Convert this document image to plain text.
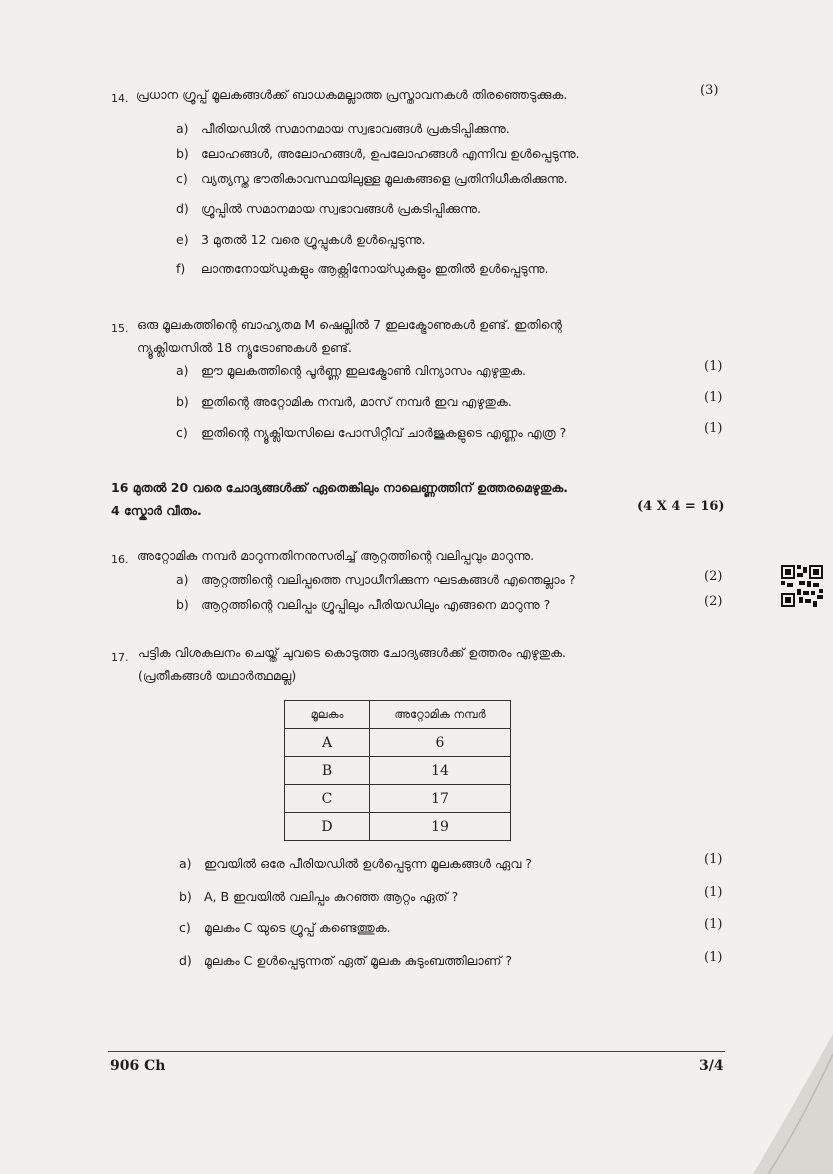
14. പ്രധാന ഗ്രൂപ്പ് മൂലകങ്ങൾക്ക് ബാധകമല്ലാത്ത പ്രസ്താവനകൾ തിരഞ്ഞെടുക്കുക.	(3)
a) പീരിയഡിൽ സമാനമായ സ്വഭാവങ്ങൾ പ്രകടിപ്പിക്കുന്നു.
b) ലോഹങ്ങൾ, അലോഹങ്ങൾ, ഉപലോഹങ്ങൾ എന്നിവ ഉൾപ്പെടുന്നു.
c) വ്യത്യസ്ത ഭൗതികാവസ്ഥയിലുള്ള മൂലകങ്ങളെ പ്രതിനിധീകരിക്കുന്നു.
d) ഗ്രൂപ്പിൽ സമാനമായ സ്വഭാവങ്ങൾ പ്രകടിപ്പിക്കുന്നു.
e) 3 മുതൽ 12 വരെ ഗ്രൂപ്പുകൾ ഉൾപ്പെടുന്നു.
f) ലാന്തനോയ്ഡുകളും ആക്റ്റിനോയ്ഡുകളും ഇതിൽ ഉൾപ്പെടുന്നു.
15. ഒരു മൂലകത്തിന്റെ ബാഹ്യതമ M ഷെല്ലിൽ 7 ഇലക്ട്രോണുകൾ ഉണ്ട്. ഇതിന്റെ
ന്യൂക്ലിയസിൽ 18 ന്യൂട്രോണുകൾ ഉണ്ട്.
a) ഈ മൂലകത്തിന്റെ പൂർണ്ണ ഇലക്ട്രോൺ വിന്യാസം എഴുതുക.	(1)
b) ഇതിന്റെ അറ്റോമിക നമ്പർ, മാസ് നമ്പർ ഇവ എഴുതുക.	(1)
c) ഇതിന്റെ ന്യൂക്ലിയസിലെ പോസിറ്റീവ് ചാർജുകളുടെ എണ്ണം എത്ര ?	(1)
16 മുതൽ 20 വരെ ചോദ്യങ്ങൾക്ക് ഏതെങ്കിലും നാലെണ്ണത്തിന് ഉത്തരമെഴുതുക.
4 സ്കോർ വീതം.	(4 X 4 = 16)
16. അറ്റോമിക നമ്പർ മാറുന്നതിനനുസരിച്ച് ആറ്റത്തിന്റെ വലിപ്പവും മാറുന്നു.
a) ആറ്റത്തിന്റെ വലിപ്പത്തെ സ്വാധീനിക്കുന്ന ഘടകങ്ങൾ എന്തെല്ലാം ?	(2)
b) ആറ്റത്തിന്റെ വലിപ്പം ഗ്രൂപ്പിലും പീരിയഡിലും എങ്ങനെ മാറുന്നു ?	(2)
17. പട്ടിക വിശകലനം ചെയ്ത് ചുവടെ കൊടുത്ത ചോദ്യങ്ങൾക്ക് ഉത്തരം എഴുതുക.
(പ്രതീകങ്ങൾ യഥാർത്ഥമല്ല)
മൂലകം	അറ്റോമിക നമ്പർ
A	6
B	14
C	17
D	19
a) ഇവയിൽ ഒരേ പീരിയഡിൽ ഉൾപ്പെടുന്ന മൂലകങ്ങൾ ഏവ ?	(1)
b) A, B ഇവയിൽ വലിപ്പം കുറഞ്ഞ ആറ്റം ഏത് ?	(1)
c) മൂലകം C യുടെ ഗ്രൂപ്പ് കണ്ടെത്തുക.	(1)
d) മൂലകം C ഉൾപ്പെടുന്നത് ഏത് മൂലക കുടുംബത്തിലാണ് ?	(1)
906 Ch	3/4
